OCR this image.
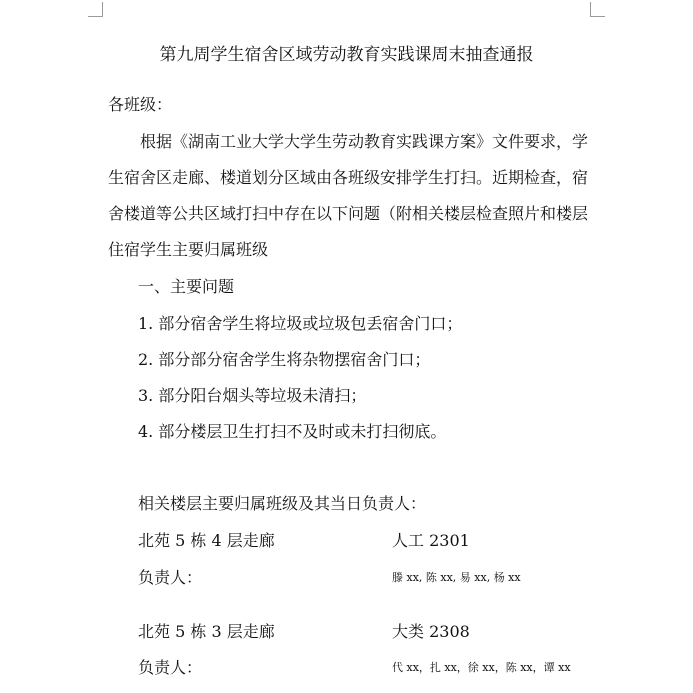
第九周学生宿舍区域劳动教育实践课周末抽查通报
各班级：
根据《湖南工业大学大学生劳动教育实践课方案》文件要求，学生宿舍区走廊、楼道划分区域由各班级安排学生打扫。近期检查，宿舍楼道等公共区域打扫中存在以下问题（附相关楼层检查照片和楼层住宿学生主要归属班级
一、主要问题
1. 部分宿舍学生将垃圾或垃圾包丢宿舍门口；
2. 部分部分宿舍学生将杂物摆宿舍门口；
3. 部分阳台烟头等垃圾未清扫；
4. 部分楼层卫生打扫不及时或未打扫彻底。
相关楼层主要归属班级及其当日负责人：
北苑 5 栋 4 层走廊	人工 2301
负责人：	滕 xx, 陈 xx, 易 xx, 杨 xx
北苑 5 栋 3 层走廊	大类 2308
负责人：	代 xx，扎 xx，徐 xx，陈 xx，谭 xx
